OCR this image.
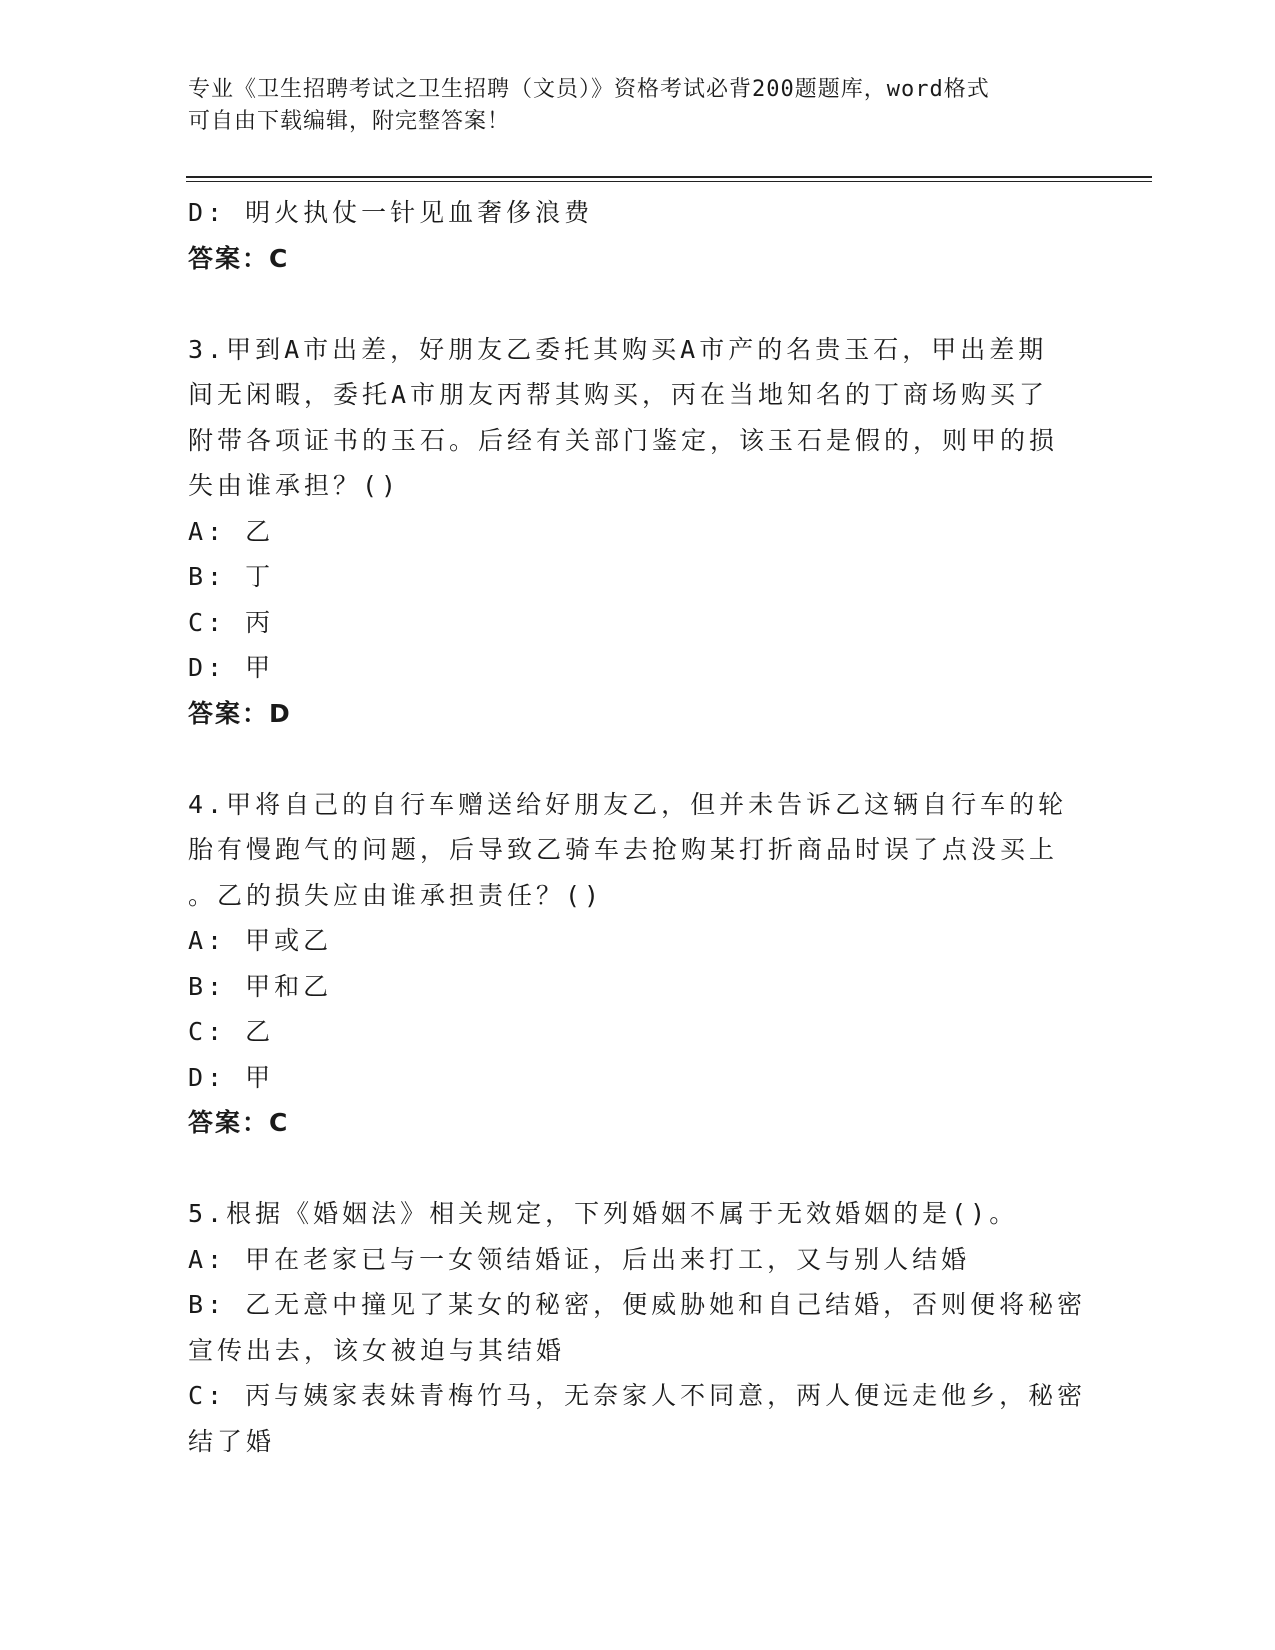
专业《卫生招聘考试之卫生招聘（文员）》资格考试必背200题题库，word格式
可自由下载编辑，附完整答案！
D: 明火执仗一针见血奢侈浪费
答案：C
3.甲到A市出差，好朋友乙委托其购买A市产的名贵玉石，甲出差期
间无闲暇，委托A市朋友丙帮其购买，丙在当地知名的丁商场购买了
附带各项证书的玉石。后经有关部门鉴定，该玉石是假的，则甲的损
失由谁承担？()
A: 乙
B: 丁
C: 丙
D: 甲
答案：D
4.甲将自己的自行车赠送给好朋友乙，但并未告诉乙这辆自行车的轮
胎有慢跑气的问题，后导致乙骑车去抢购某打折商品时误了点没买上
。乙的损失应由谁承担责任？()
A: 甲或乙
B: 甲和乙
C: 乙
D: 甲
答案：C
5.根据《婚姻法》相关规定，下列婚姻不属于无效婚姻的是()。
A: 甲在老家已与一女领结婚证，后出来打工，又与别人结婚
B: 乙无意中撞见了某女的秘密，便威胁她和自己结婚，否则便将秘密
宣传出去，该女被迫与其结婚
C: 丙与姨家表妹青梅竹马，无奈家人不同意，两人便远走他乡，秘密
结了婚
